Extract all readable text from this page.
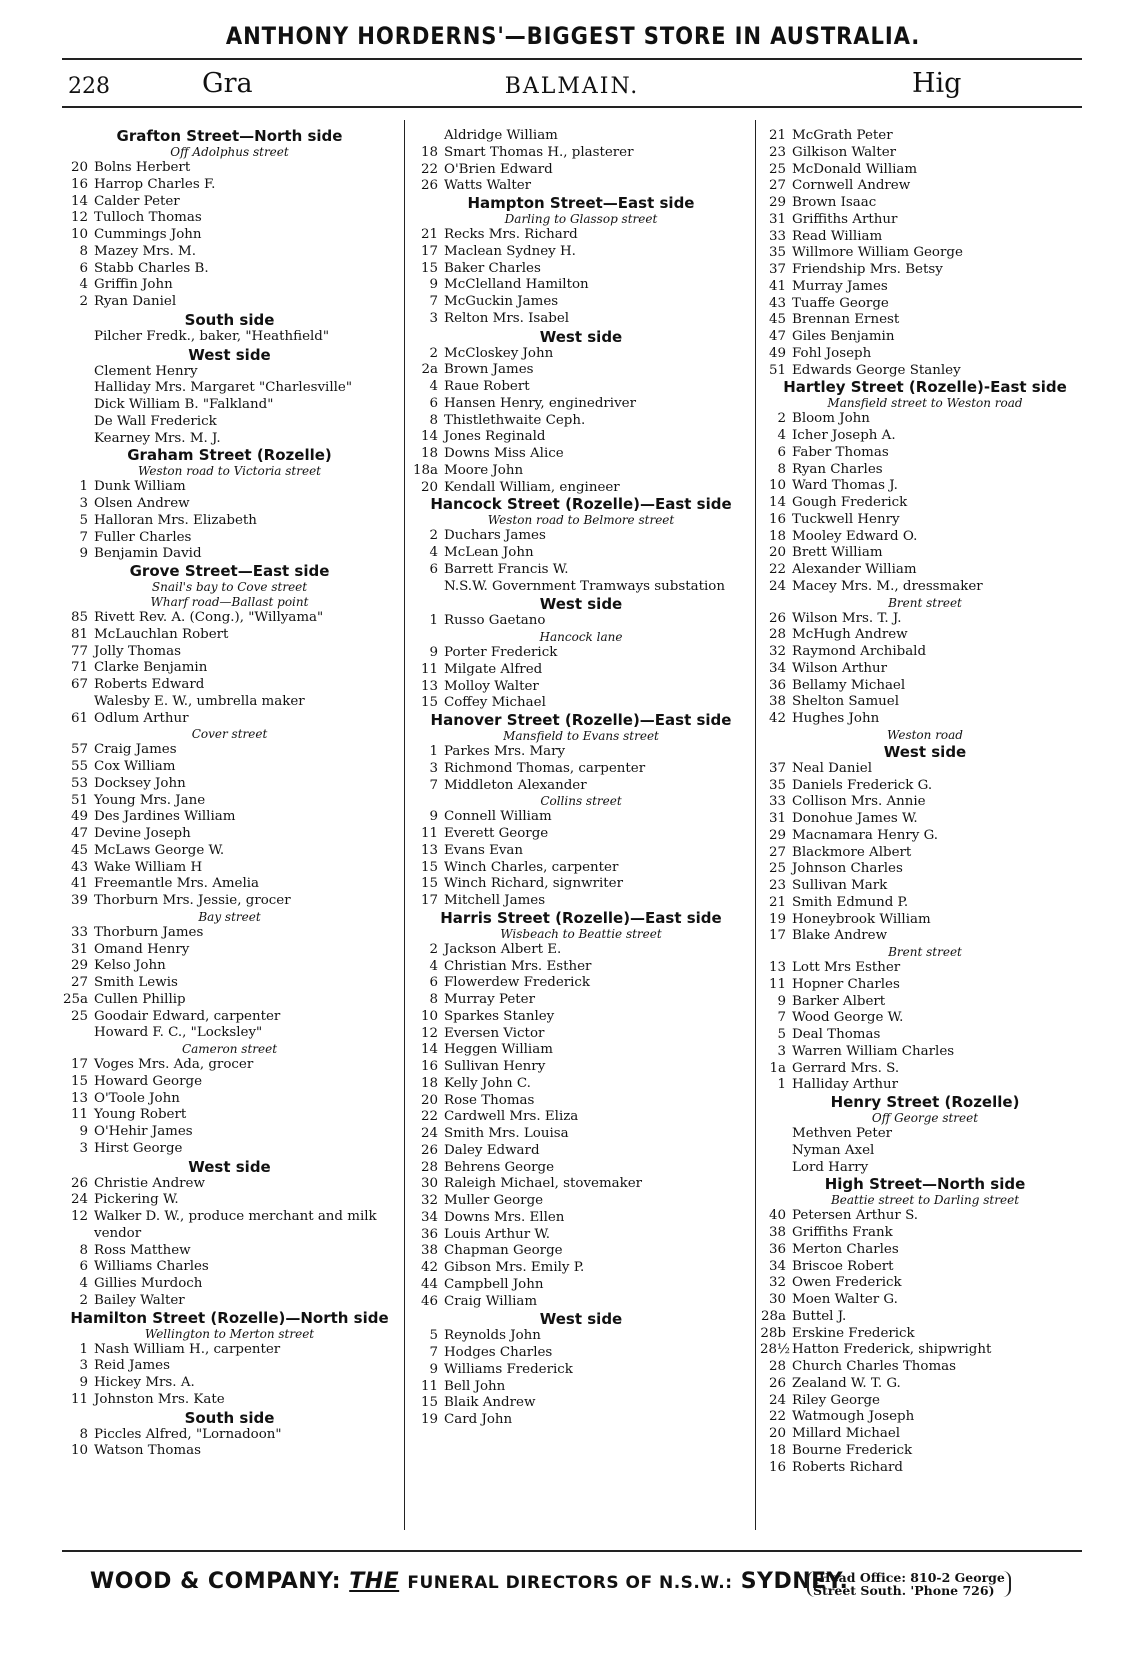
ANTHONY HORDERNS'—BIGGEST STORE IN AUSTRALIA.
228	Gra	BALMAIN.	Hig
Grafton Street—North side
Off Adolphus street
20 Bolns Herbert
16 Harrop Charles F.
14 Calder Peter
12 Tulloch Thomas
10 Cummings John
8 Mazey Mrs. M.
6 Stabb Charles B.
4 Griffin John
2 Ryan Daniel
South side
Pilcher Fredk., baker, "Heathfield"
West side
Clement Henry
Halliday Mrs. Margaret "Charlesville"
Dick William B. "Falkland"
De Wall Frederick
Kearney Mrs. M. J.
Graham Street (Rozelle)
Weston road to Victoria street
1 Dunk William
3 Olsen Andrew
5 Halloran Mrs. Elizabeth
7 Fuller Charles
9 Benjamin David
Grove Street—East side
Snail's bay to Cove street
Wharf road—Ballast point
85 Rivett Rev. A. (Cong.), "Willyama"
81 McLauchlan Robert
77 Jolly Thomas
71 Clarke Benjamin
67 Roberts Edward
Walesby E. W., umbrella maker
61 Odlum Arthur
Cover street
57 Craig James
55 Cox William
53 Docksey John
51 Young Mrs. Jane
49 Des Jardines William
47 Devine Joseph
45 McLaws George W.
43 Wake William H
41 Freemantle Mrs. Amelia
39 Thorburn Mrs. Jessie, grocer
Bay street
33 Thorburn James
31 Omand Henry
29 Kelso John
27 Smith Lewis
25a Cullen Phillip
25 Goodair Edward, carpenter
Howard F. C., "Locksley"
Cameron street
17 Voges Mrs. Ada, grocer
15 Howard George
13 O'Toole John
11 Young Robert
9 O'Hehir James
3 Hirst George
West side
26 Christie Andrew
24 Pickering W.
12 Walker D. W., produce merchant and milk vendor
8 Ross Matthew
6 Williams Charles
4 Gillies Murdoch
2 Bailey Walter
Hamilton Street (Rozelle)—North side
Wellington to Merton street
1 Nash William H., carpenter
3 Reid James
9 Hickey Mrs. A.
11 Johnston Mrs. Kate
South side
8 Piccles Alfred, "Lornadoon"
10 Watson Thomas
Aldridge William
18 Smart Thomas H., plasterer
22 O'Brien Edward
26 Watts Walter
Hampton Street—East side
Darling to Glassop street
21 Recks Mrs. Richard
17 Maclean Sydney H.
15 Baker Charles
9 McClelland Hamilton
7 McGuckin James
3 Relton Mrs. Isabel
West side
2 McCloskey John
2a Brown James
4 Raue Robert
6 Hansen Henry, enginedriver
8 Thistlethwaite Ceph.
14 Jones Reginald
18 Downs Miss Alice
18a Moore John
20 Kendall William, engineer
Hancock Street (Rozelle)—East side
Weston road to Belmore street
2 Duchars James
4 McLean John
6 Barrett Francis W.
N.S.W. Government Tramways substation
West side
1 Russo Gaetano
Hancock lane
9 Porter Frederick
11 Milgate Alfred
13 Molloy Walter
15 Coffey Michael
Hanover Street (Rozelle)—East side
Mansfield to Evans street
1 Parkes Mrs. Mary
3 Richmond Thomas, carpenter
7 Middleton Alexander
Collins street
9 Connell William
11 Everett George
13 Evans Evan
15 Winch Charles, carpenter
15 Winch Richard, signwriter
17 Mitchell James
Harris Street (Rozelle)—East side
Wisbeach to Beattie street
2 Jackson Albert E.
4 Christian Mrs. Esther
6 Flowerdew Frederick
8 Murray Peter
10 Sparkes Stanley
12 Eversen Victor
14 Heggen William
16 Sullivan Henry
18 Kelly John C.
20 Rose Thomas
22 Cardwell Mrs. Eliza
24 Smith Mrs. Louisa
26 Daley Edward
28 Behrens George
30 Raleigh Michael, stovemaker
32 Muller George
34 Downs Mrs. Ellen
36 Louis Arthur W.
38 Chapman George
42 Gibson Mrs. Emily P.
44 Campbell John
46 Craig William
West side
5 Reynolds John
7 Hodges Charles
9 Williams Frederick
11 Bell John
15 Blaik Andrew
19 Card John
21 McGrath Peter
23 Gilkison Walter
25 McDonald William
27 Cornwell Andrew
29 Brown Isaac
31 Griffiths Arthur
33 Read William
35 Willmore William George
37 Friendship Mrs. Betsy
41 Murray James
43 Tuaffe George
45 Brennan Ernest
47 Giles Benjamin
49 Fohl Joseph
51 Edwards George Stanley
Hartley Street (Rozelle)-East side
Mansfield street to Weston road
2 Bloom John
4 Icher Joseph A.
6 Faber Thomas
8 Ryan Charles
10 Ward Thomas J.
14 Gough Frederick
16 Tuckwell Henry
18 Mooley Edward O.
20 Brett William
22 Alexander William
24 Macey Mrs. M., dressmaker
Brent street
26 Wilson Mrs. T. J.
28 McHugh Andrew
32 Raymond Archibald
34 Wilson Arthur
36 Bellamy Michael
38 Shelton Samuel
42 Hughes John
Weston road
West side
37 Neal Daniel
35 Daniels Frederick G.
33 Collison Mrs. Annie
31 Donohue James W.
29 Macnamara Henry G.
27 Blackmore Albert
25 Johnson Charles
23 Sullivan Mark
21 Smith Edmund P.
19 Honeybrook William
17 Blake Andrew
Brent street
13 Lott Mrs Esther
11 Hopner Charles
9 Barker Albert
7 Wood George W.
5 Deal Thomas
3 Warren William Charles
1a Gerrard Mrs. S.
1 Halliday Arthur
Henry Street (Rozelle)
Off George street
Methven Peter
Nyman Axel
Lord Harry
High Street—North side
Beattie street to Darling street
40 Petersen Arthur S.
38 Griffiths Frank
36 Merton Charles
34 Briscoe Robert
32 Owen Frederick
30 Moen Walter G.
28a Buttel J.
28b Erskine Frederick
28½ Hatton Frederick, shipwright
28 Church Charles Thomas
26 Zealand W. T. G.
24 Riley George
22 Watmough Joseph
20 Millard Michael
18 Bourne Frederick
16 Roberts Richard
WOOD & COMPANY: THE FUNERAL DIRECTORS OF N.S.W.: SYDNEY.
(Head Office: 810-2 George
Street South. 'Phone 726)
